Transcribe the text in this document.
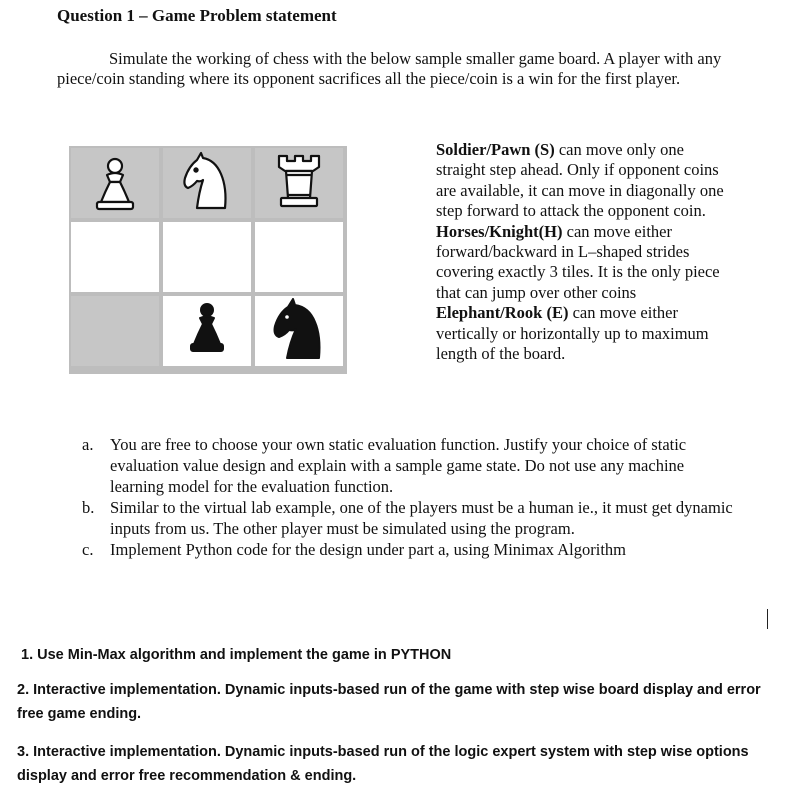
Question 1 – Game Problem statement
Simulate the working of chess with the below sample smaller game board. A player with any piece/coin standing where its opponent sacrifices all the piece/coin is a win for the first player.
Soldier/Pawn (S) can move only one straight step ahead. Only if opponent coins are available, it can move in diagonally one step forward to attack the opponent coin.
Horses/Knight(H) can move either forward/backward in L–shaped strides covering exactly 3 tiles. It is the only piece that can jump over other coins
Elephant/Rook (E) can move either vertically or horizontally up to maximum length of the board.
a. You are free to choose your own static evaluation function. Justify your choice of static evaluation value design and explain with a sample game state. Do not use any machine learning model for the evaluation function.
b. Similar to the virtual lab example, one of the players must be a human ie., it must get dynamic inputs from us. The other player must be simulated using the program.
c. Implement Python code for the design under part a, using Minimax Algorithm
1. Use Min-Max algorithm and implement the game in PYTHON
2. Interactive implementation. Dynamic inputs-based run of the game with step wise board display and error free game ending.
3. Interactive implementation. Dynamic inputs-based run of the logic expert system with step wise options display and error free recommendation & ending.
